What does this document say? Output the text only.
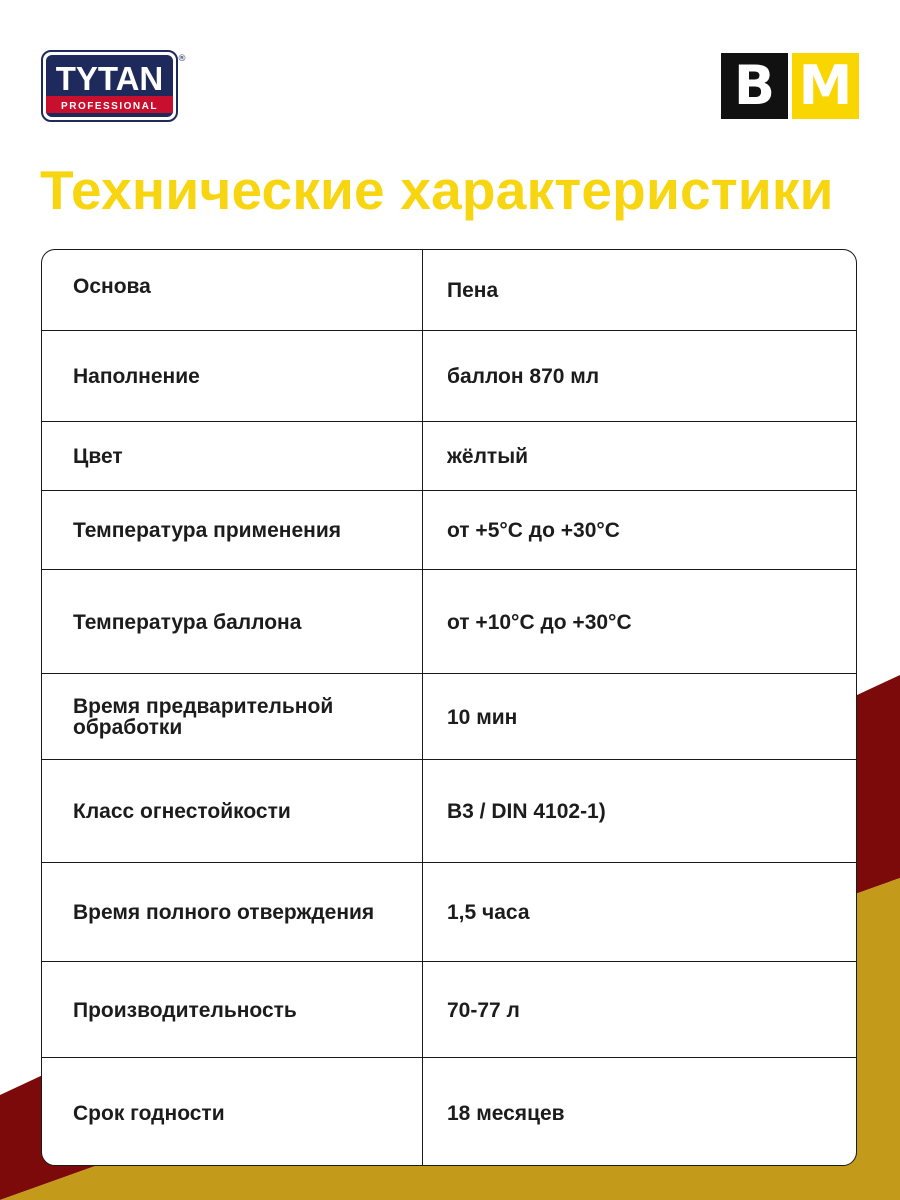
TYTAN
PROFESSIONAL
®	B M
Технические характеристики
Основа	Пена
Наполнение	баллон 870 мл
Цвет	жёлтый
Температура применения	от +5°C до +30°C
Температура баллона	от +10°C до +30°C
Время предварительной обработки	10 мин
Класс огнестойкости	B3 / DIN 4102-1)
Время полного отверждения	1,5 часа
Производительность	70-77 л
Срок годности	18 месяцев
